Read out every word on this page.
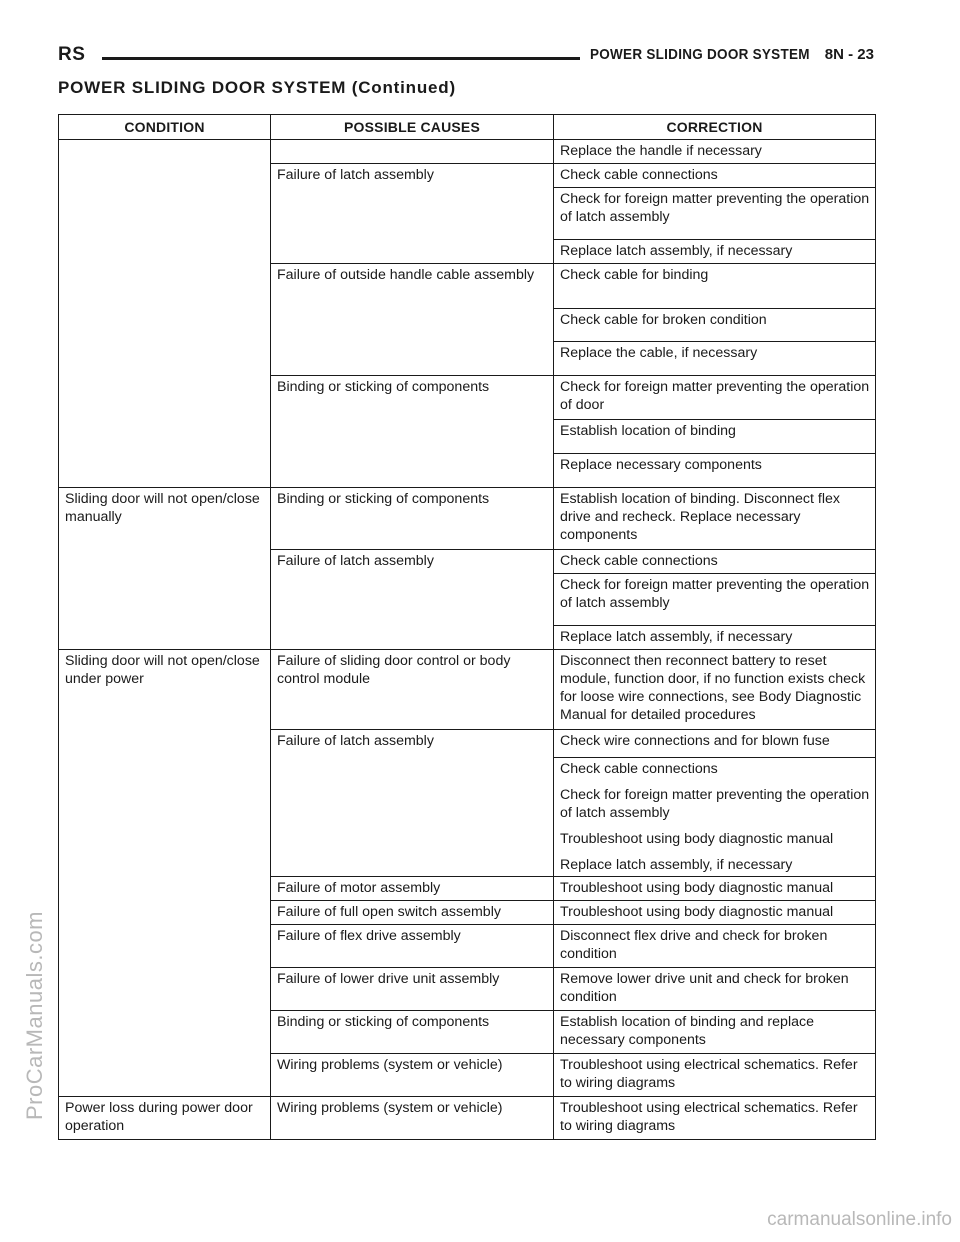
RS	POWER SLIDING DOOR SYSTEM 8N - 23
POWER SLIDING DOOR SYSTEM (Continued)
CONDITION	POSSIBLE CAUSES	CORRECTION
		Replace the handle if necessary
	Failure of latch assembly	Check cable connections
		Check for foreign matter preventing the operation of latch assembly
		Replace latch assembly, if necessary
	Failure of outside handle cable assembly	Check cable for binding
		Check cable for broken condition
		Replace the cable, if necessary
	Binding or sticking of components	Check for foreign matter preventing the operation of door
		Establish location of binding
		Replace necessary components
Sliding door will not open/close manually	Binding or sticking of components	Establish location of binding. Disconnect flex drive and recheck. Replace necessary components
	Failure of latch assembly	Check cable connections
		Check for foreign matter preventing the operation of latch assembly
		Replace latch assembly, if necessary
Sliding door will not open/close under power	Failure of sliding door control or body control module	Disconnect then reconnect battery to reset module, function door, if no function exists check for loose wire connections, see Body Diagnostic Manual for detailed procedures
	Failure of latch assembly	Check wire connections and for blown fuse
		Check cable connections
		Check for foreign matter preventing the operation of latch assembly
		Troubleshoot using body diagnostic manual
		Replace latch assembly, if necessary
	Failure of motor assembly	Troubleshoot using body diagnostic manual
	Failure of full open switch assembly	Troubleshoot using body diagnostic manual
	Failure of flex drive assembly	Disconnect flex drive and check for broken condition
	Failure of lower drive unit assembly	Remove lower drive unit and check for broken condition
	Binding or sticking of components	Establish location of binding and replace necessary components
	Wiring problems (system or vehicle)	Troubleshoot using electrical schematics. Refer to wiring diagrams
Power loss during power door operation	Wiring problems (system or vehicle)	Troubleshoot using electrical schematics. Refer to wiring diagrams
ProCarManuals.com
carmanualsonline.info
